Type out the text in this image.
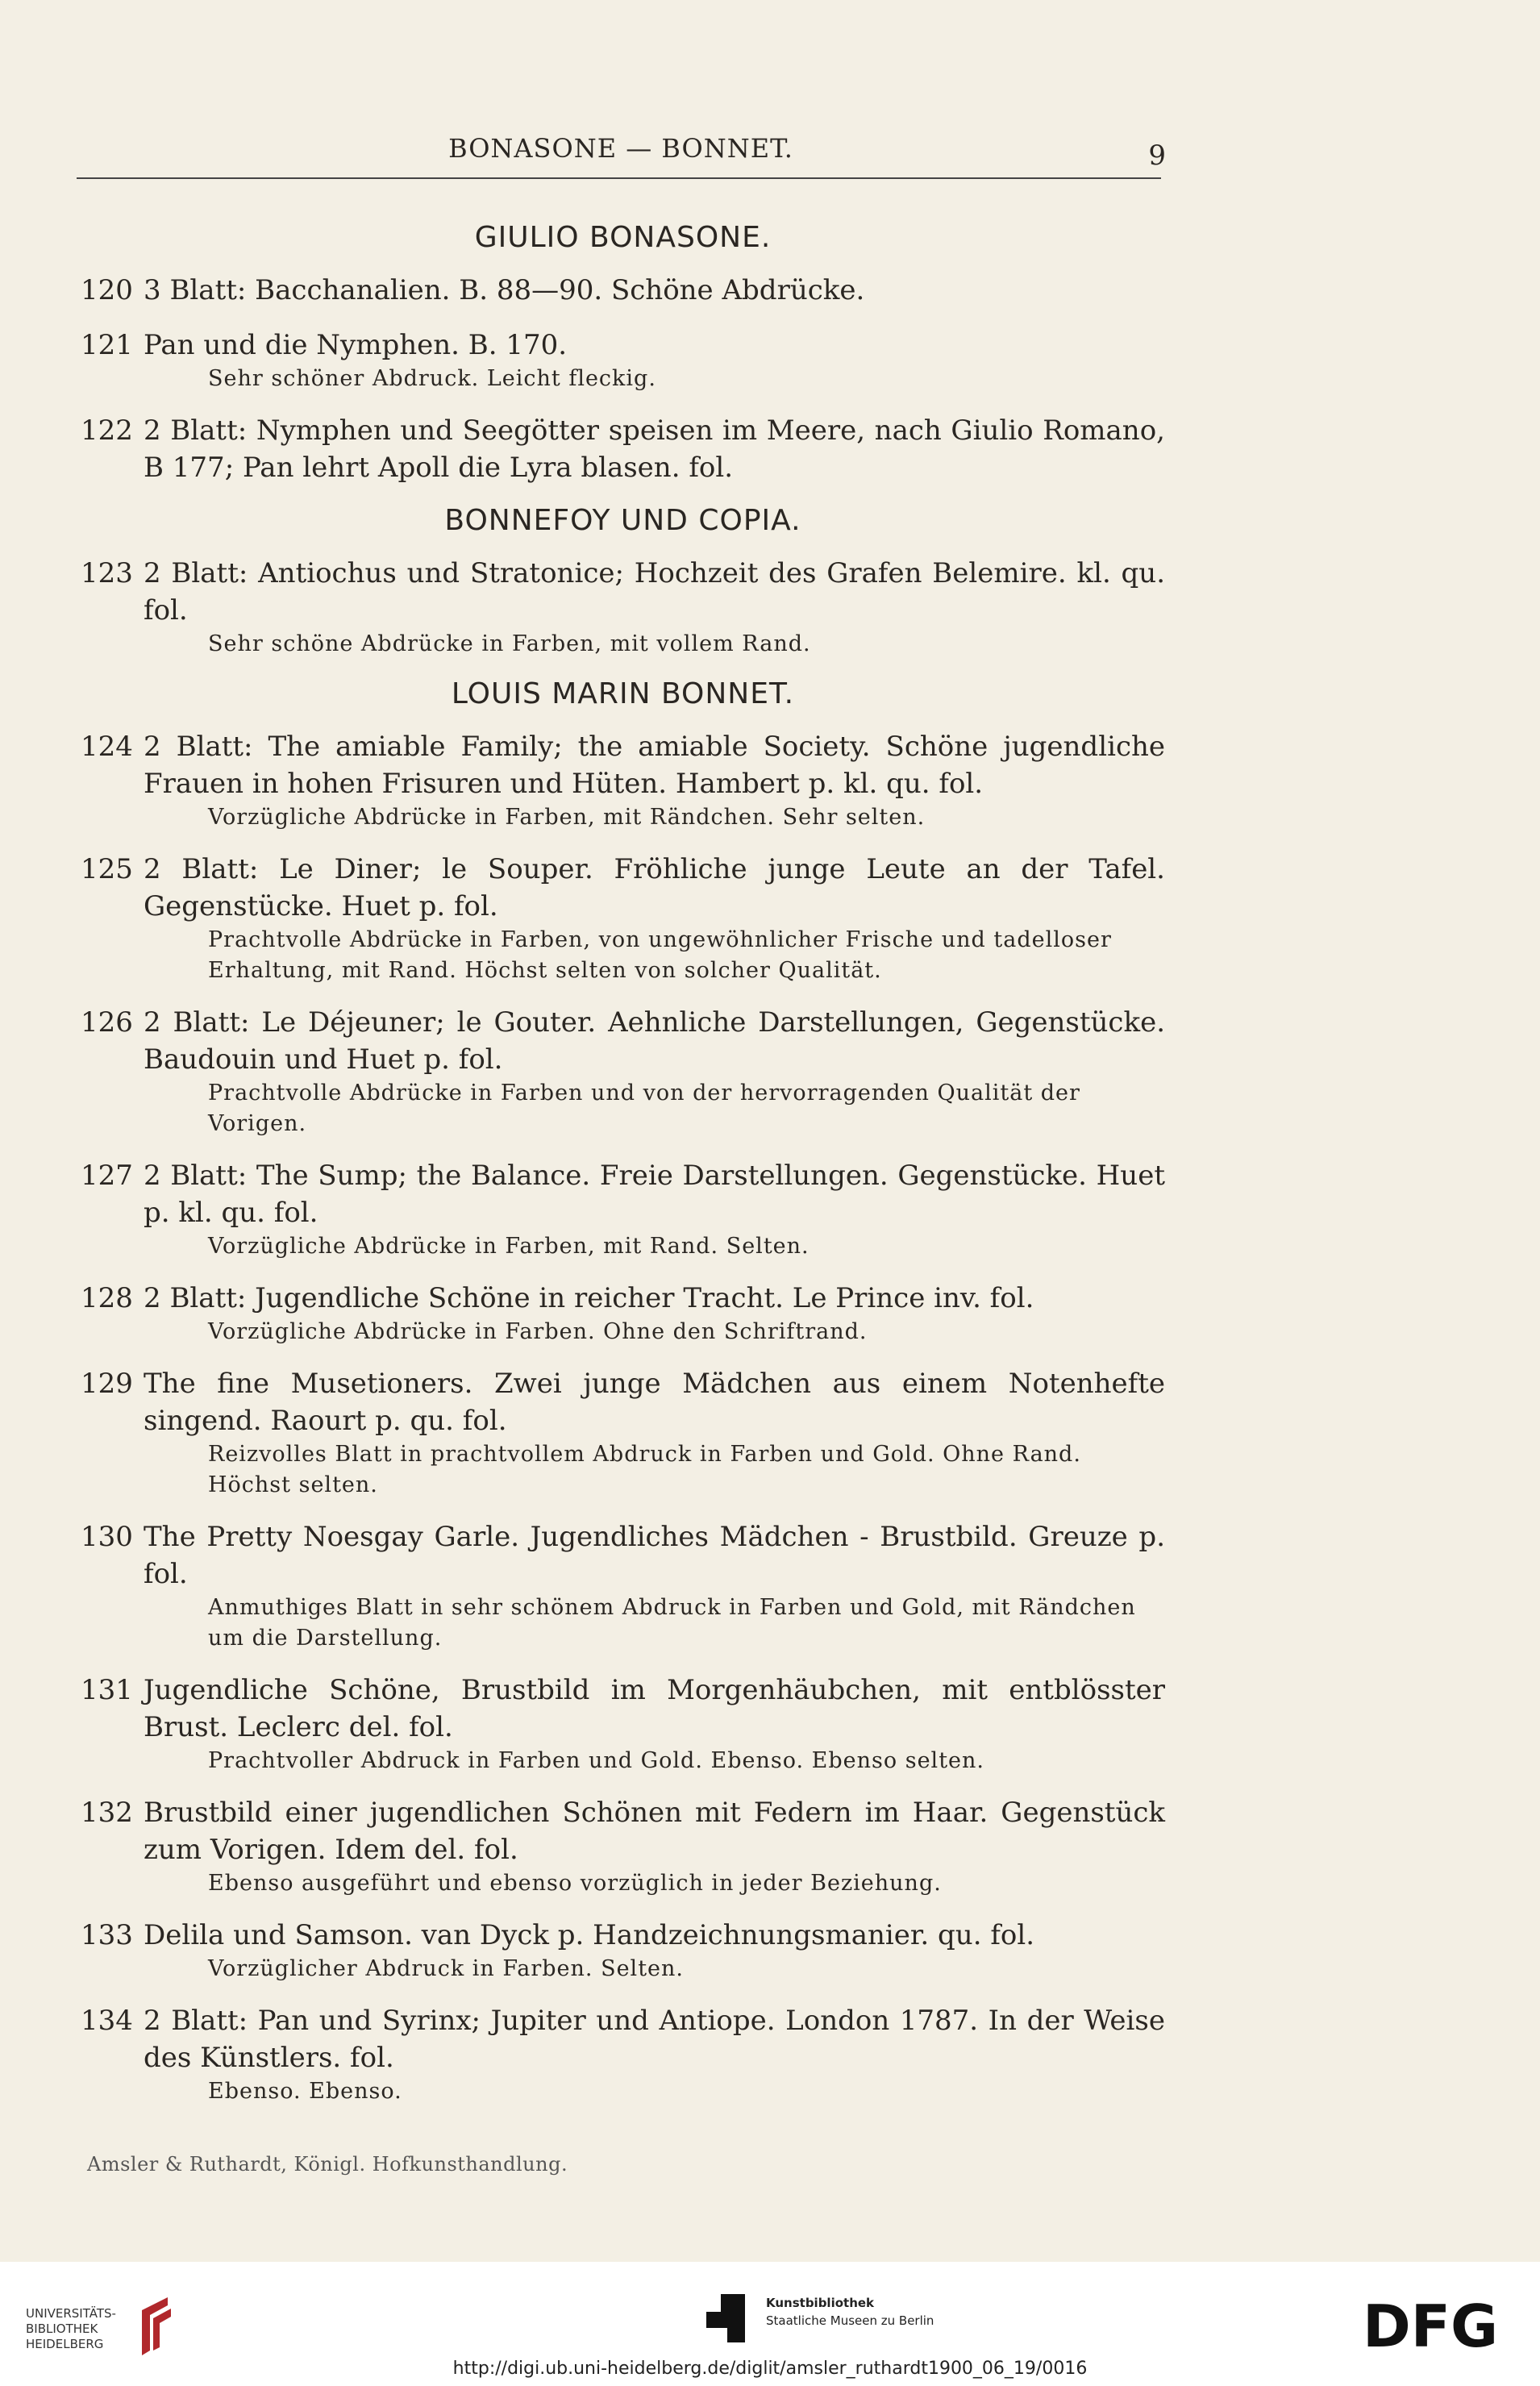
BONASONE — BONNET.	9
GIULIO BONASONE.
120 3 Blatt: Bacchanalien. B. 88—90. Schöne Abdrücke.
121 Pan und die Nymphen. B. 170.
Sehr schöner Abdruck. Leicht fleckig.
122 2 Blatt: Nymphen und Seegötter speisen im Meere, nach Giulio Romano, B 177; Pan lehrt Apoll die Lyra blasen. fol.
BONNEFOY UND COPIA.
123 2 Blatt: Antiochus und Stratonice; Hochzeit des Grafen Belemire. kl. qu. fol.
Sehr schöne Abdrücke in Farben, mit vollem Rand.
LOUIS MARIN BONNET.
124 2 Blatt: The amiable Family; the amiable Society. Schöne jugendliche Frauen in hohen Frisuren und Hüten. Hambert p. kl. qu. fol.
Vorzügliche Abdrücke in Farben, mit Rändchen. Sehr selten.
125 2 Blatt: Le Diner; le Souper. Fröhliche junge Leute an der Tafel. Gegenstücke. Huet p. fol.
Prachtvolle Abdrücke in Farben, von ungewöhnlicher Frische und tadelloser Erhaltung, mit Rand. Höchst selten von solcher Qualität.
126 2 Blatt: Le Déjeuner; le Gouter. Aehnliche Darstellungen, Gegenstücke. Baudouin und Huet p. fol.
Prachtvolle Abdrücke in Farben und von der hervorragenden Qualität der Vorigen.
127 2 Blatt: The Sump; the Balance. Freie Darstellungen. Gegenstücke. Huet p. kl. qu. fol.
Vorzügliche Abdrücke in Farben, mit Rand. Selten.
128 2 Blatt: Jugendliche Schöne in reicher Tracht. Le Prince inv. fol.
Vorzügliche Abdrücke in Farben. Ohne den Schriftrand.
129 The fine Musetioners. Zwei junge Mädchen aus einem Notenhefte singend. Raourt p. qu. fol.
Reizvolles Blatt in prachtvollem Abdruck in Farben und Gold. Ohne Rand. Höchst selten.
130 The Pretty Noesgay Garle. Jugendliches Mädchen - Brustbild. Greuze p. fol.
Anmuthiges Blatt in sehr schönem Abdruck in Farben und Gold, mit Rändchen um die Darstellung.
131 Jugendliche Schöne, Brustbild im Morgenhäubchen, mit entblösster Brust. Leclerc del. fol.
Prachtvoller Abdruck in Farben und Gold. Ebenso. Ebenso selten.
132 Brustbild einer jugendlichen Schönen mit Federn im Haar. Gegenstück zum Vorigen. Idem del. fol.
Ebenso ausgeführt und ebenso vorzüglich in jeder Beziehung.
133 Delila und Samson. van Dyck p. Handzeichnungsmanier. qu. fol.
Vorzüglicher Abdruck in Farben. Selten.
134 2 Blatt: Pan und Syrinx; Jupiter und Antiope. London 1787. In der Weise des Künstlers. fol.
Ebenso. Ebenso.
Amsler & Ruthardt, Königl. Hofkunsthandlung.
UNIVERSITÄTS-
BIBLIOTHEK
HEIDELBERG
Kunstbibliothek
Staatliche Museen zu Berlin	DFG
http://digi.ub.uni-heidelberg.de/diglit/amsler_ruthardt1900_06_19/0016
